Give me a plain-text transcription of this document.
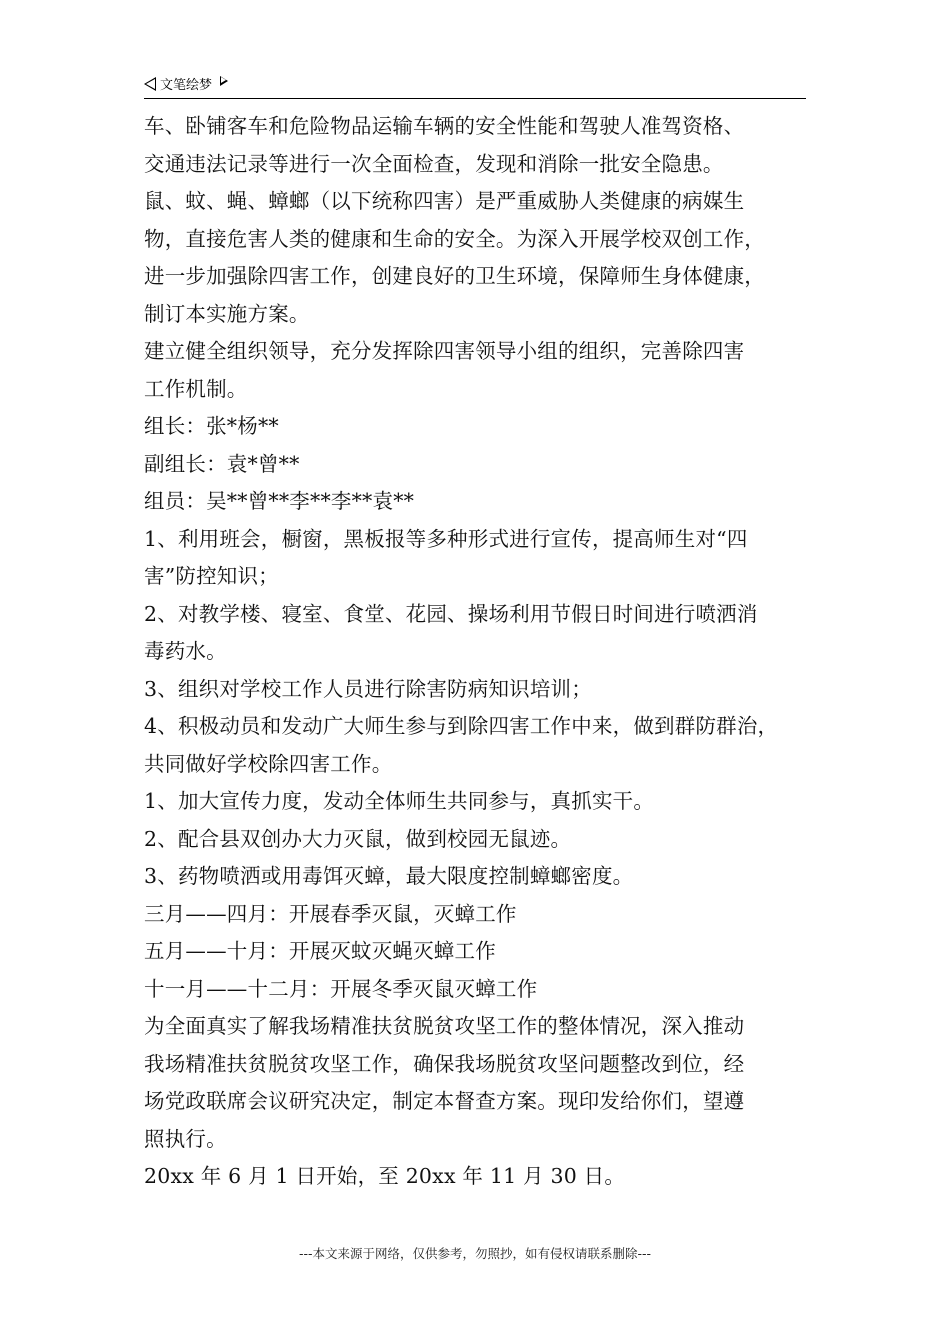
文笔绘梦
车、卧铺客车和危险物品运输车辆的安全性能和驾驶人准驾资格、
交通违法记录等进行一次全面检查，发现和消除一批安全隐患。
鼠、蚊、蝇、蟑螂（以下统称四害）是严重威胁人类健康的病媒生
物，直接危害人类的健康和生命的安全。为深入开展学校双创工作，
进一步加强除四害工作，创建良好的卫生环境，保障师生身体健康，
制订本实施方案。
建立健全组织领导，充分发挥除四害领导小组的组织，完善除四害
工作机制。
组长：张*杨**
副组长：袁*曾**
组员：吴**曾**李**李**袁**
1、利用班会，橱窗，黑板报等多种形式进行宣传，提高师生对“四
害”防控知识；
2、对教学楼、寝室、食堂、花园、操场利用节假日时间进行喷洒消
毒药水。
3、组织对学校工作人员进行除害防病知识培训；
4、积极动员和发动广大师生参与到除四害工作中来，做到群防群治，
共同做好学校除四害工作。
1、加大宣传力度，发动全体师生共同参与，真抓实干。
2、配合县双创办大力灭鼠，做到校园无鼠迹。
3、药物喷洒或用毒饵灭蟑，最大限度控制蟑螂密度。
三月——四月：开展春季灭鼠，灭蟑工作
五月——十月：开展灭蚊灭蝇灭蟑工作
十一月——十二月：开展冬季灭鼠灭蟑工作
为全面真实了解我场精准扶贫脱贫攻坚工作的整体情况，深入推动
我场精准扶贫脱贫攻坚工作，确保我场脱贫攻坚问题整改到位，经
场党政联席会议研究决定，制定本督查方案。现印发给你们，望遵
照执行。
20xx 年 6 月 1 日开始，至 20xx 年 11 月 30 日。
---本文来源于网络，仅供参考，勿照抄，如有侵权请联系删除---
